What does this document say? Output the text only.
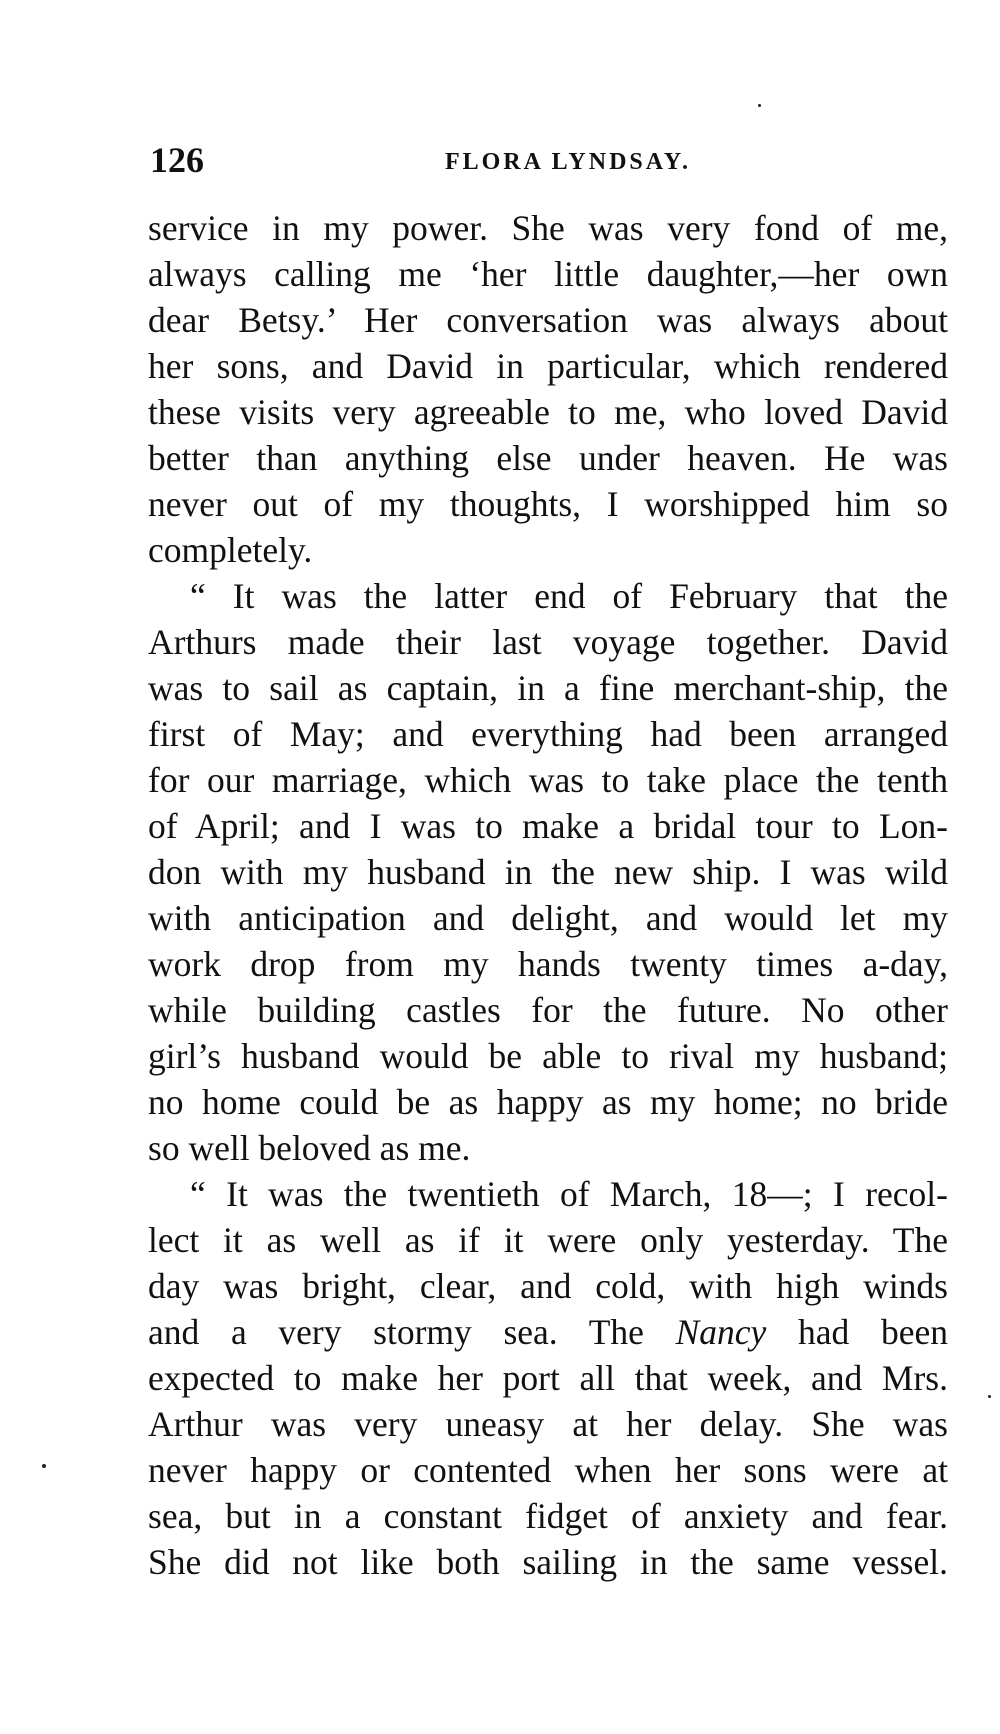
126	FLORA LYNDSAY.
service in my power. She was very fond of me,
always calling me ‘her little daughter,—her own
dear Betsy.’ Her conversation was always about
her sons, and David in particular, which rendered
these visits very agreeable to me, who loved David
better than anything else under heaven. He was
never out of my thoughts, I worshipped him so
completely.
“ It was the latter end of February that the
Arthurs made their last voyage together. David
was to sail as captain, in a fine merchant-ship, the
first of May; and everything had been arranged
for our marriage, which was to take place the tenth
of April; and I was to make a bridal tour to Lon-
don with my husband in the new ship. I was wild
with anticipation and delight, and would let my
work drop from my hands twenty times a-day,
while building castles for the future. No other
girl’s husband would be able to rival my husband;
no home could be as happy as my home; no bride
so well beloved as me.
“ It was the twentieth of March, 18—; I recol-
lect it as well as if it were only yesterday. The
day was bright, clear, and cold, with high winds
and a very stormy sea. The Nancy had been
expected to make her port all that week, and Mrs.
Arthur was very uneasy at her delay. She was
never happy or contented when her sons were at
sea, but in a constant fidget of anxiety and fear.
She did not like both sailing in the same vessel.
